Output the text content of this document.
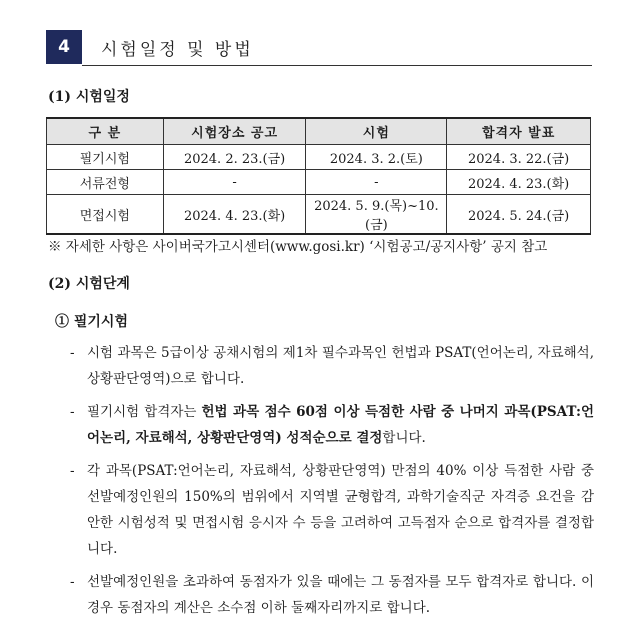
4	시험일정 및 방법
(1) 시험일정
구 분	시험장소 공고	시험	합격자 발표
필기시험	2024. 2. 23.(금)	2024. 3. 2.(토)	2024. 3. 22.(금)
서류전형	-	-	2024. 4. 23.(화)
면접시험	2024. 4. 23.(화)	2024. 5. 9.(목)~10.(금)	2024. 5. 24.(금)
※ 자세한 사항은 사이버국가고시센터(www.gosi.kr) ‘시험공고/공지사항’ 공지 참고
(2) 시험단계
① 필기시험
- 시험 과목은 5급이상 공채시험의 제1차 필수과목인 헌법과 PSAT(언어논리, 자료해석, 상황판단영역)으로 합니다.
- 필기시험 합격자는 헌법 과목 점수 60점 이상 득점한 사람 중 나머지 과목(PSAT:언어논리, 자료해석, 상황판단영역) 성적순으로 결정합니다.
- 각 과목(PSAT:언어논리, 자료해석, 상황판단영역) 만점의 40% 이상 득점한 사람 중 선발예정인원의 150%의 범위에서 지역별 균형합격, 과학기술직군 자격증 요건을 감안한 시험성적 및 면접시험 응시자 수 등을 고려하여 고득점자 순으로 합격자를 결정합니다.
- 선발예정인원을 초과하여 동점자가 있을 때에는 그 동점자를 모두 합격자로 합니다. 이 경우 동점자의 계산은 소수점 이하 둘째자리까지로 합니다.
